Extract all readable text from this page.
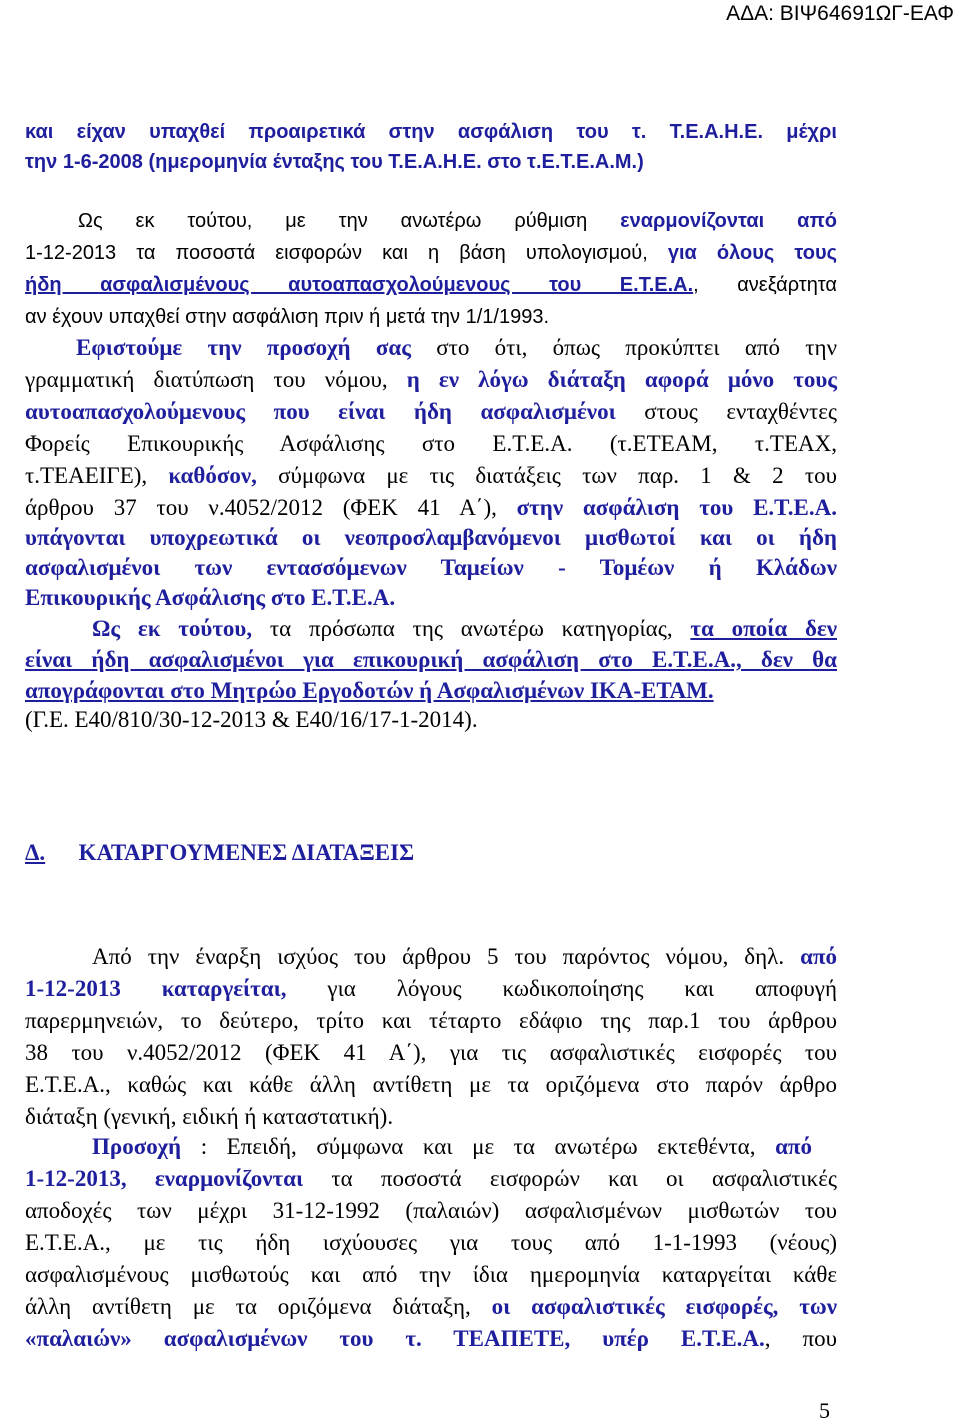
ΑΔΑ: ΒΙΨ64691ΩΓ-ΕΑΦ

και είχαν υπαχθεί προαιρετικά στην ασφάλιση του τ. Τ.Ε.Α.Η.Ε. μέχρι
την 1-6-2008 (ημερομηνία ένταξης του Τ.Ε.Α.Η.Ε. στο τ.Ε.Τ.Ε.Α.Μ.)
Ως εκ τούτου, με την ανωτέρω ρύθμιση εναρμονίζονται από
1-12-2013 τα ποσοστά εισφορών και η βάση υπολογισμού, για όλους τους
ήδη ασφαλισμένους αυτοαπασχολούμενους του Ε.Τ.Ε.Α., ανεξάρτητα
αν έχουν υπαχθεί στην ασφάλιση πριν ή μετά την 1/1/1993.
Εφιστούμε την προσοχή σας στο ότι, όπως προκύπτει από την
γραμματική διατύπωση του νόμου, η εν λόγω διάταξη αφορά μόνο τους
αυτοαπασχολούμενους που είναι ήδη ασφαλισμένοι στους ενταχθέντες
Φορείς Επικουρικής Ασφάλισης στο Ε.Τ.Ε.Α. (τ.ΕΤΕΑΜ, τ.ΤΕΑΧ,
τ.ΤΕΑΕΙΓΕ), καθόσον, σύμφωνα με τις διατάξεις των παρ. 1 & 2 του
άρθρου 37 του ν.4052/2012 (ΦΕΚ 41 Α΄), στην ασφάλιση του Ε.Τ.Ε.Α.
υπάγονται υποχρεωτικά οι νεοπροσλαμβανόμενοι μισθωτοί και οι ήδη
ασφαλισμένοι των εντασσόμενων Ταμείων - Τομέων ή Κλάδων
Επικουρικής Ασφάλισης στο Ε.Τ.Ε.Α.
Ως εκ τούτου, τα πρόσωπα της ανωτέρω κατηγορίας, τα οποία δεν
είναι ήδη ασφαλισμένοι για επικουρική ασφάλιση στο Ε.Τ.Ε.Α., δεν θα
απογράφονται στο Μητρώο Εργοδοτών ή Ασφαλισμένων ΙΚΑ-ΕΤΑΜ.
(Γ.Ε. Ε40/810/30-12-2013 & Ε40/16/17-1-2014).
Δ. ΚΑΤΑΡΓΟΥΜΕΝΕΣ ΔΙΑΤΑΞΕΙΣ
Από την έναρξη ισχύος του άρθρου 5 του παρόντος νόμου, δηλ. από
1-12-2013 καταργείται, για λόγους κωδικοποίησης και αποφυγή
παρερμηνειών, το δεύτερο, τρίτο και τέταρτο εδάφιο της παρ.1 του άρθρου
38 του ν.4052/2012 (ΦΕΚ 41 Α΄), για τις ασφαλιστικές εισφορές του
Ε.Τ.Ε.Α., καθώς και κάθε άλλη αντίθετη με τα οριζόμενα στο παρόν άρθρο
διάταξη (γενική, ειδική ή καταστατική).
Προσοχή : Επειδή, σύμφωνα και με τα ανωτέρω εκτεθέντα, από
1-12-2013, εναρμονίζονται τα ποσοστά εισφορών και οι ασφαλιστικές
αποδοχές των μέχρι 31-12-1992 (παλαιών) ασφαλισμένων μισθωτών του
Ε.Τ.Ε.Α., με τις ήδη ισχύουσες για τους από 1-1-1993 (νέους)
ασφαλισμένους μισθωτούς και από την ίδια ημερομηνία καταργείται κάθε
άλλη αντίθετη με τα οριζόμενα διάταξη, οι ασφαλιστικές εισφορές, των
«παλαιών» ασφαλισμένων του τ. ΤΕΑΠΕΤΕ, υπέρ Ε.Τ.Ε.Α., που

5
